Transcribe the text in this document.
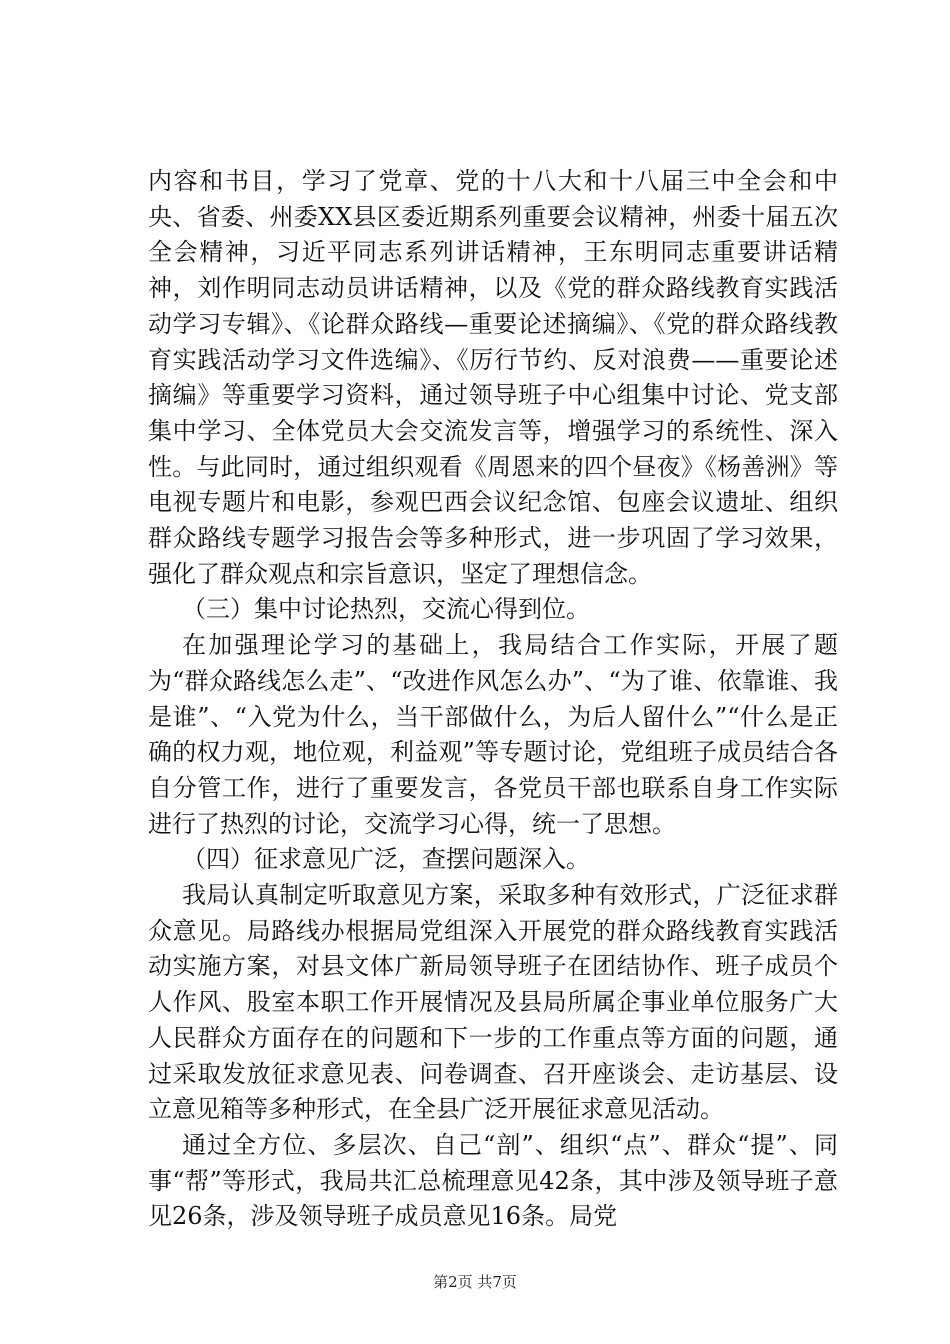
内容和书目，学习了党章、党的十八大和十八届三中全会和中央、省委、州委XX县区委近期系列重要会议精神，州委十届五次全会精神，习近平同志系列讲话精神，王东明同志重要讲话精神，刘作明同志动员讲话精神，以及《党的群众路线教育实践活动学习专辑》、《论群众路线—重要论述摘编》、《党的群众路线教育实践活动学习文件选编》、《厉行节约、反对浪费——重要论述摘编》等重要学习资料，通过领导班子中心组集中讨论、党支部集中学习、全体党员大会交流发言等，增强学习的系统性、深入性。与此同时，通过组织观看《周恩来的四个昼夜》《杨善洲》等电视专题片和电影，参观巴西会议纪念馆、包座会议遗址、组织群众路线专题学习报告会等多种形式，进一步巩固了学习效果，强化了群众观点和宗旨意识，坚定了理想信念。

（三）集中讨论热烈，交流心得到位。

在加强理论学习的基础上，我局结合工作实际，开展了题为“群众路线怎么走”、“改进作风怎么办”、“为了谁、依靠谁、我是谁”、“入党为什么，当干部做什么，为后人留什么”“什么是正确的权力观，地位观，利益观”等专题讨论，党组班子成员结合各自分管工作，进行了重要发言，各党员干部也联系自身工作实际进行了热烈的讨论，交流学习心得，统一了思想。

（四）征求意见广泛，查摆问题深入。

我局认真制定听取意见方案，采取多种有效形式，广泛征求群众意见。局路线办根据局党组深入开展党的群众路线教育实践活动实施方案，对县文体广新局领导班子在团结协作、班子成员个人作风、股室本职工作开展情况及县局所属企事业单位服务广大人民群众方面存在的问题和下一步的工作重点等方面的问题，通过采取发放征求意见表、问卷调查、召开座谈会、走访基层、设立意见箱等多种形式，在全县广泛开展征求意见活动。

通过全方位、多层次、自己“剖”、组织“点”、群众“提”、同事“帮”等形式，我局共汇总梳理意见42条，其中涉及领导班子意见26条，涉及领导班子成员意见16条。局党

第2页 共7页
